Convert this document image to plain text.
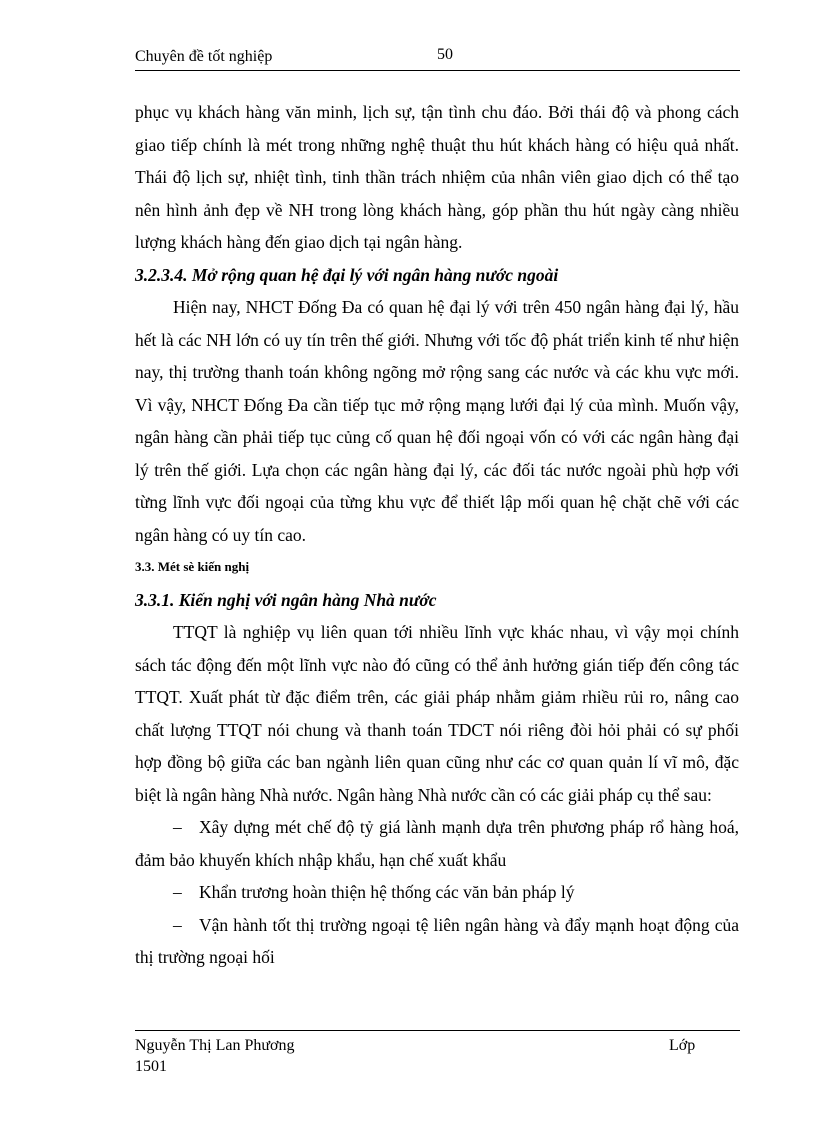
Chuyên đề tốt nghiệp	50

phục vụ khách hàng văn minh, lịch sự, tận tình chu đáo. Bởi thái độ và phong cách giao tiếp chính là mét trong những nghệ thuật thu hút khách hàng có hiệu quả nhất. Thái độ lịch sự, nhiệt tình, tinh thần trách nhiệm của nhân viên giao dịch có thể tạo nên hình ảnh đẹp về NH trong lòng khách hàng, góp phần thu hút ngày càng nhiều lượng khách hàng đến giao dịch tại ngân hàng.

3.2.3.4. Mở rộng quan hệ đại lý với ngân hàng nước ngoài

Hiện nay, NHCT Đống Đa có quan hệ đại lý với trên 450 ngân hàng đại lý, hầu hết là các NH lớn có uy tín trên thế giới. Nhưng với tốc độ phát triển kinh tế như hiện nay, thị trường thanh toán không ngõng mở rộng sang các nước và các khu vực mới. Vì vậy, NHCT Đống Đa cần tiếp tục mở rộng mạng lưới đại lý của mình. Muốn vậy, ngân hàng cần phải tiếp tục củng cố quan hệ đối ngoại vốn có với các ngân hàng đại lý trên thế giới. Lựa chọn các ngân hàng đại lý, các đối tác nước ngoài phù hợp với từng lĩnh vực đối ngoại của từng khu vực để thiết lập mối quan hệ chặt chẽ với các ngân hàng có uy tín cao.

3.3. Mét sè kiến nghị

3.3.1. Kiến nghị với ngân hàng Nhà nước

TTQT là nghiệp vụ liên quan tới nhiều lĩnh vực khác nhau, vì vậy mọi chính sách tác động đến một lĩnh vực nào đó cũng có thể ảnh hưởng gián tiếp đến công tác TTQT. Xuất phát từ đặc điểm trên, các giải pháp nhằm giảm rhiều rủi ro, nâng cao chất lượng TTQT nói chung và thanh toán TDCT nói riêng đòi hỏi phải có sự phối hợp đồng bộ giữa các ban ngành liên quan cũng như các cơ quan quản lí vĩ mô, đặc biệt là ngân hàng Nhà nước. Ngân hàng Nhà nước cần có các giải pháp cụ thể sau:

– Xây dựng mét chế độ tỷ giá lành mạnh dựa trên phương pháp rổ hàng hoá, đảm bảo khuyến khích nhập khẩu, hạn chế xuất khẩu

– Khẩn trương hoàn thiện hệ thống các văn bản pháp lý

– Vận hành tốt thị trường ngoại tệ liên ngân hàng và đẩy mạnh hoạt động của thị trường ngoại hối

Nguyễn Thị Lan Phương	Lớp
1501
